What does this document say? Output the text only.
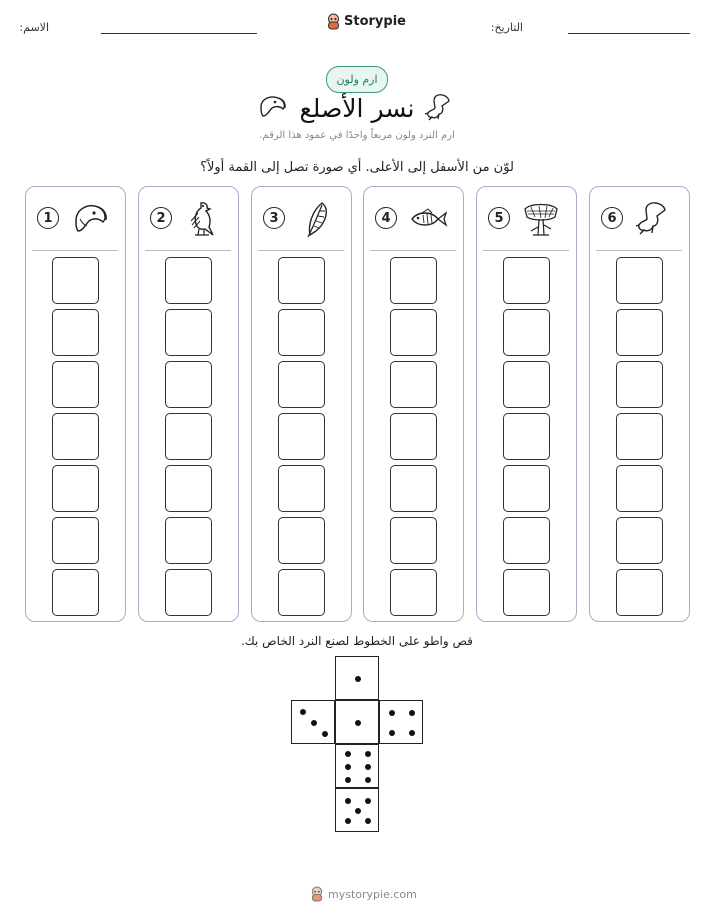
الاسم:	Storypie	التاريخ:
ارم ولون
نسر الأصلع
ارم النرد ولون مربعاً واحدًا في عمود هذا الرقم.
لوّن من الأسفل إلى الأعلى. أي صورة تصل إلى القمة أولاً؟
1	2	3	4	5	6
قص واطو على الخطوط لصنع النرد الخاص بك.
mystorypie.com
